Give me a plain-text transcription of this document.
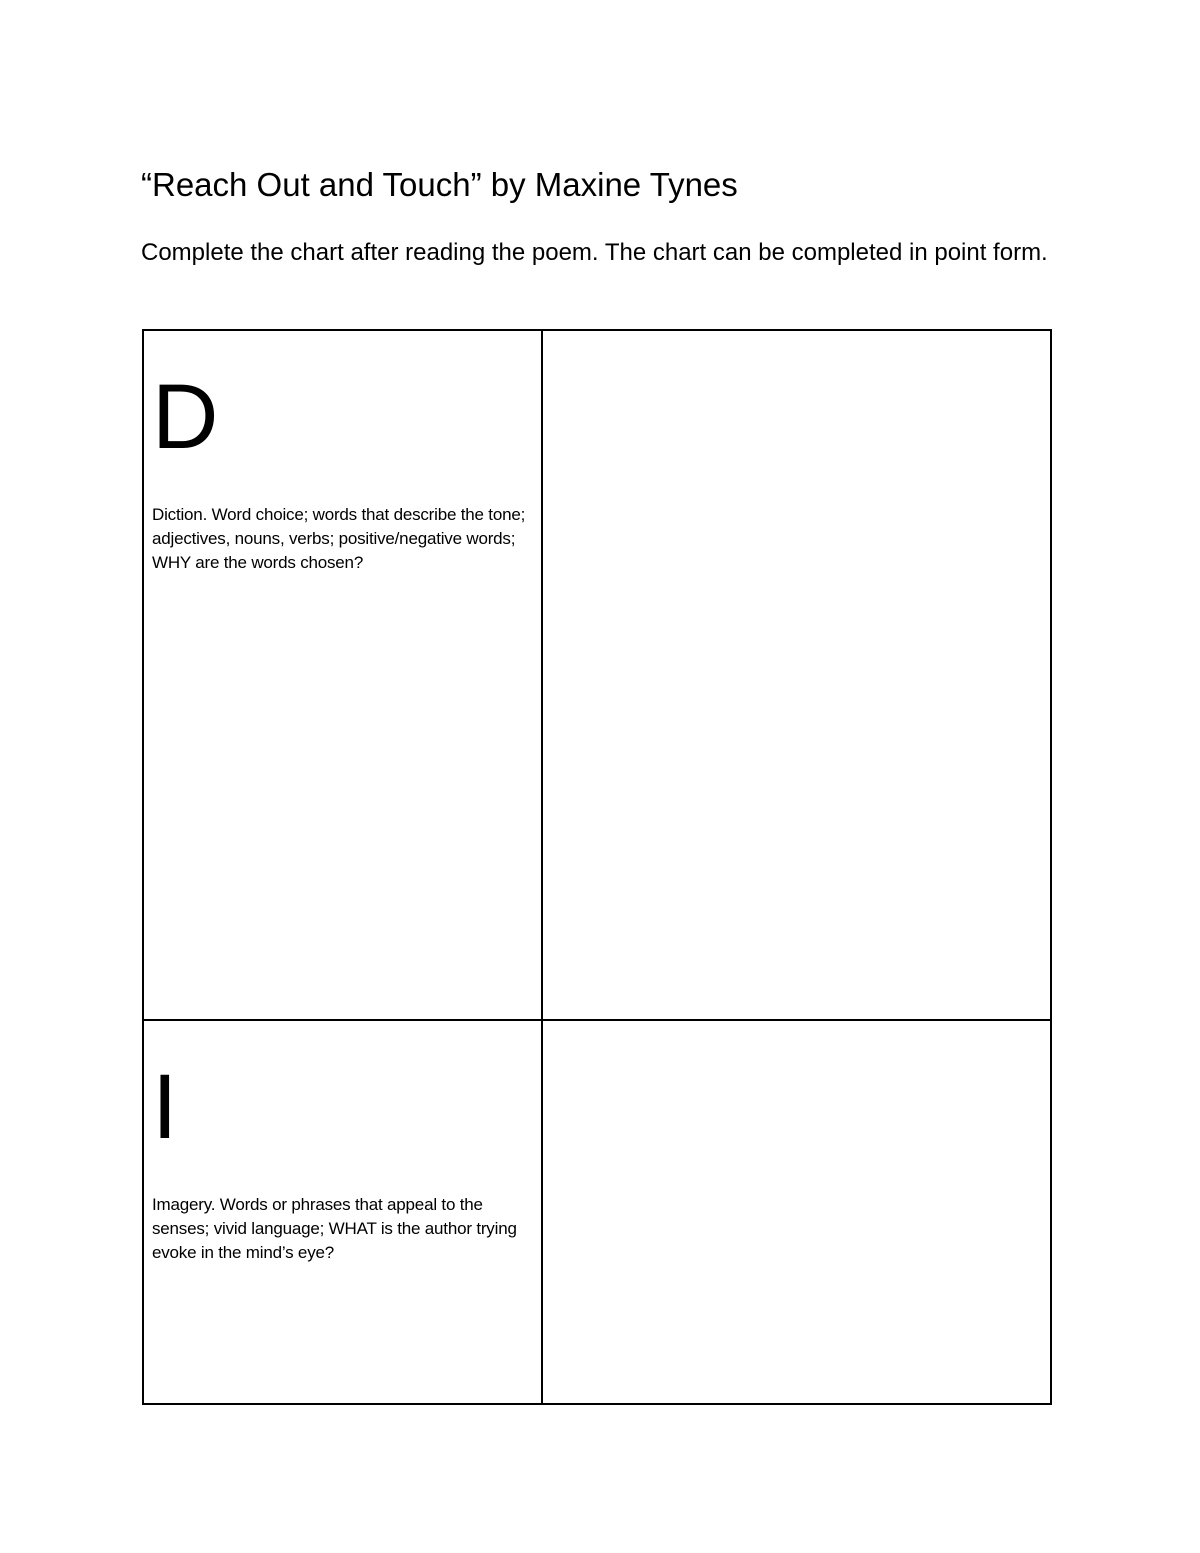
“Reach Out and Touch” by Maxine Tynes

Complete the chart after reading the poem. The chart can be completed in point form.

D
Diction. Word choice; words that describe the tone; adjectives, nouns, verbs; positive/negative words; WHY are the words chosen?	

I
Imagery. Words or phrases that appeal to the senses; vivid language; WHAT is the author trying evoke in the mind’s eye?	
